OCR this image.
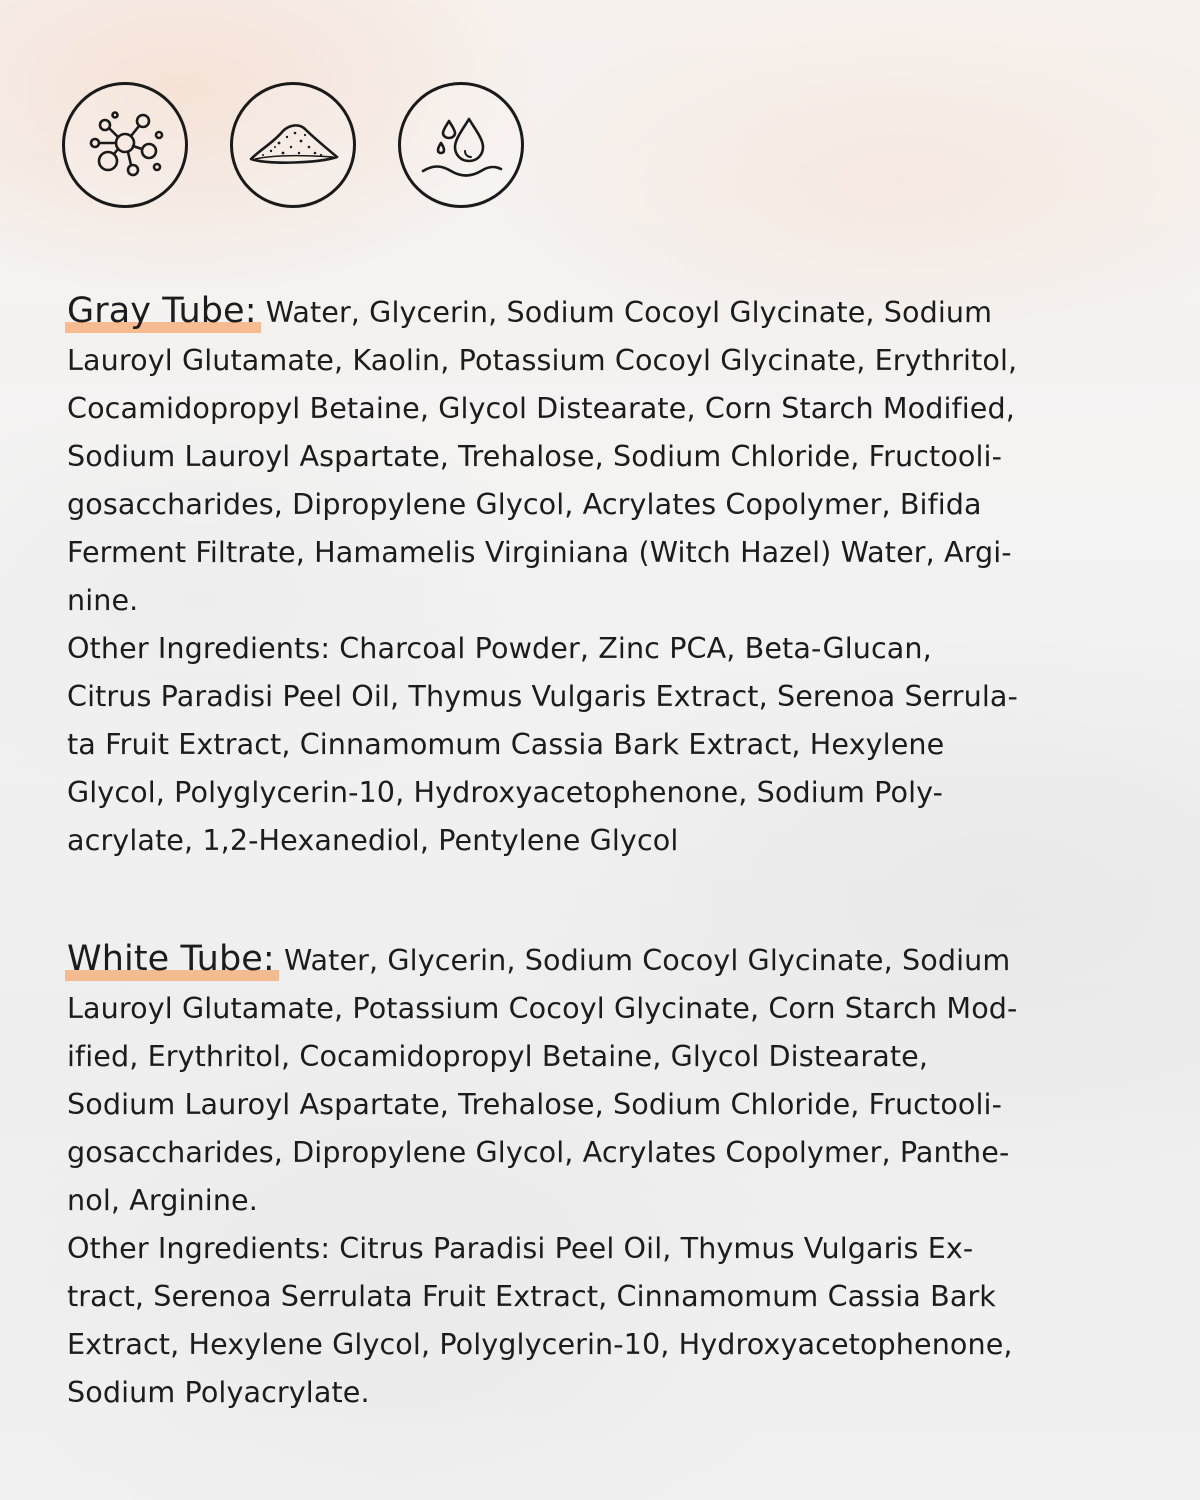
Gray Tube: Water, Glycerin, Sodium Cocoyl Glycinate, Sodium
Lauroyl Glutamate, Kaolin, Potassium Cocoyl Glycinate, Erythritol,
Cocamidopropyl Betaine, Glycol Distearate, Corn Starch Modified,
Sodium Lauroyl Aspartate, Trehalose, Sodium Chloride, Fructooli-
gosaccharides, Dipropylene Glycol, Acrylates Copolymer, Bifida
Ferment Filtrate, Hamamelis Virginiana (Witch Hazel) Water, Argi-
nine.
Other Ingredients: Charcoal Powder, Zinc PCA, Beta-Glucan,
Citrus Paradisi Peel Oil, Thymus Vulgaris Extract, Serenoa Serrula-
ta Fruit Extract, Cinnamomum Cassia Bark Extract, Hexylene
Glycol, Polyglycerin-10, Hydroxyacetophenone, Sodium Poly-
acrylate, 1,2-Hexanediol, Pentylene Glycol
White Tube: Water, Glycerin, Sodium Cocoyl Glycinate, Sodium
Lauroyl Glutamate, Potassium Cocoyl Glycinate, Corn Starch Mod-
ified, Erythritol, Cocamidopropyl Betaine, Glycol Distearate,
Sodium Lauroyl Aspartate, Trehalose, Sodium Chloride, Fructooli-
gosaccharides, Dipropylene Glycol, Acrylates Copolymer, Panthe-
nol, Arginine.
Other Ingredients: Citrus Paradisi Peel Oil, Thymus Vulgaris Ex-
tract, Serenoa Serrulata Fruit Extract, Cinnamomum Cassia Bark
Extract, Hexylene Glycol, Polyglycerin-10, Hydroxyacetophenone,
Sodium Polyacrylate.
